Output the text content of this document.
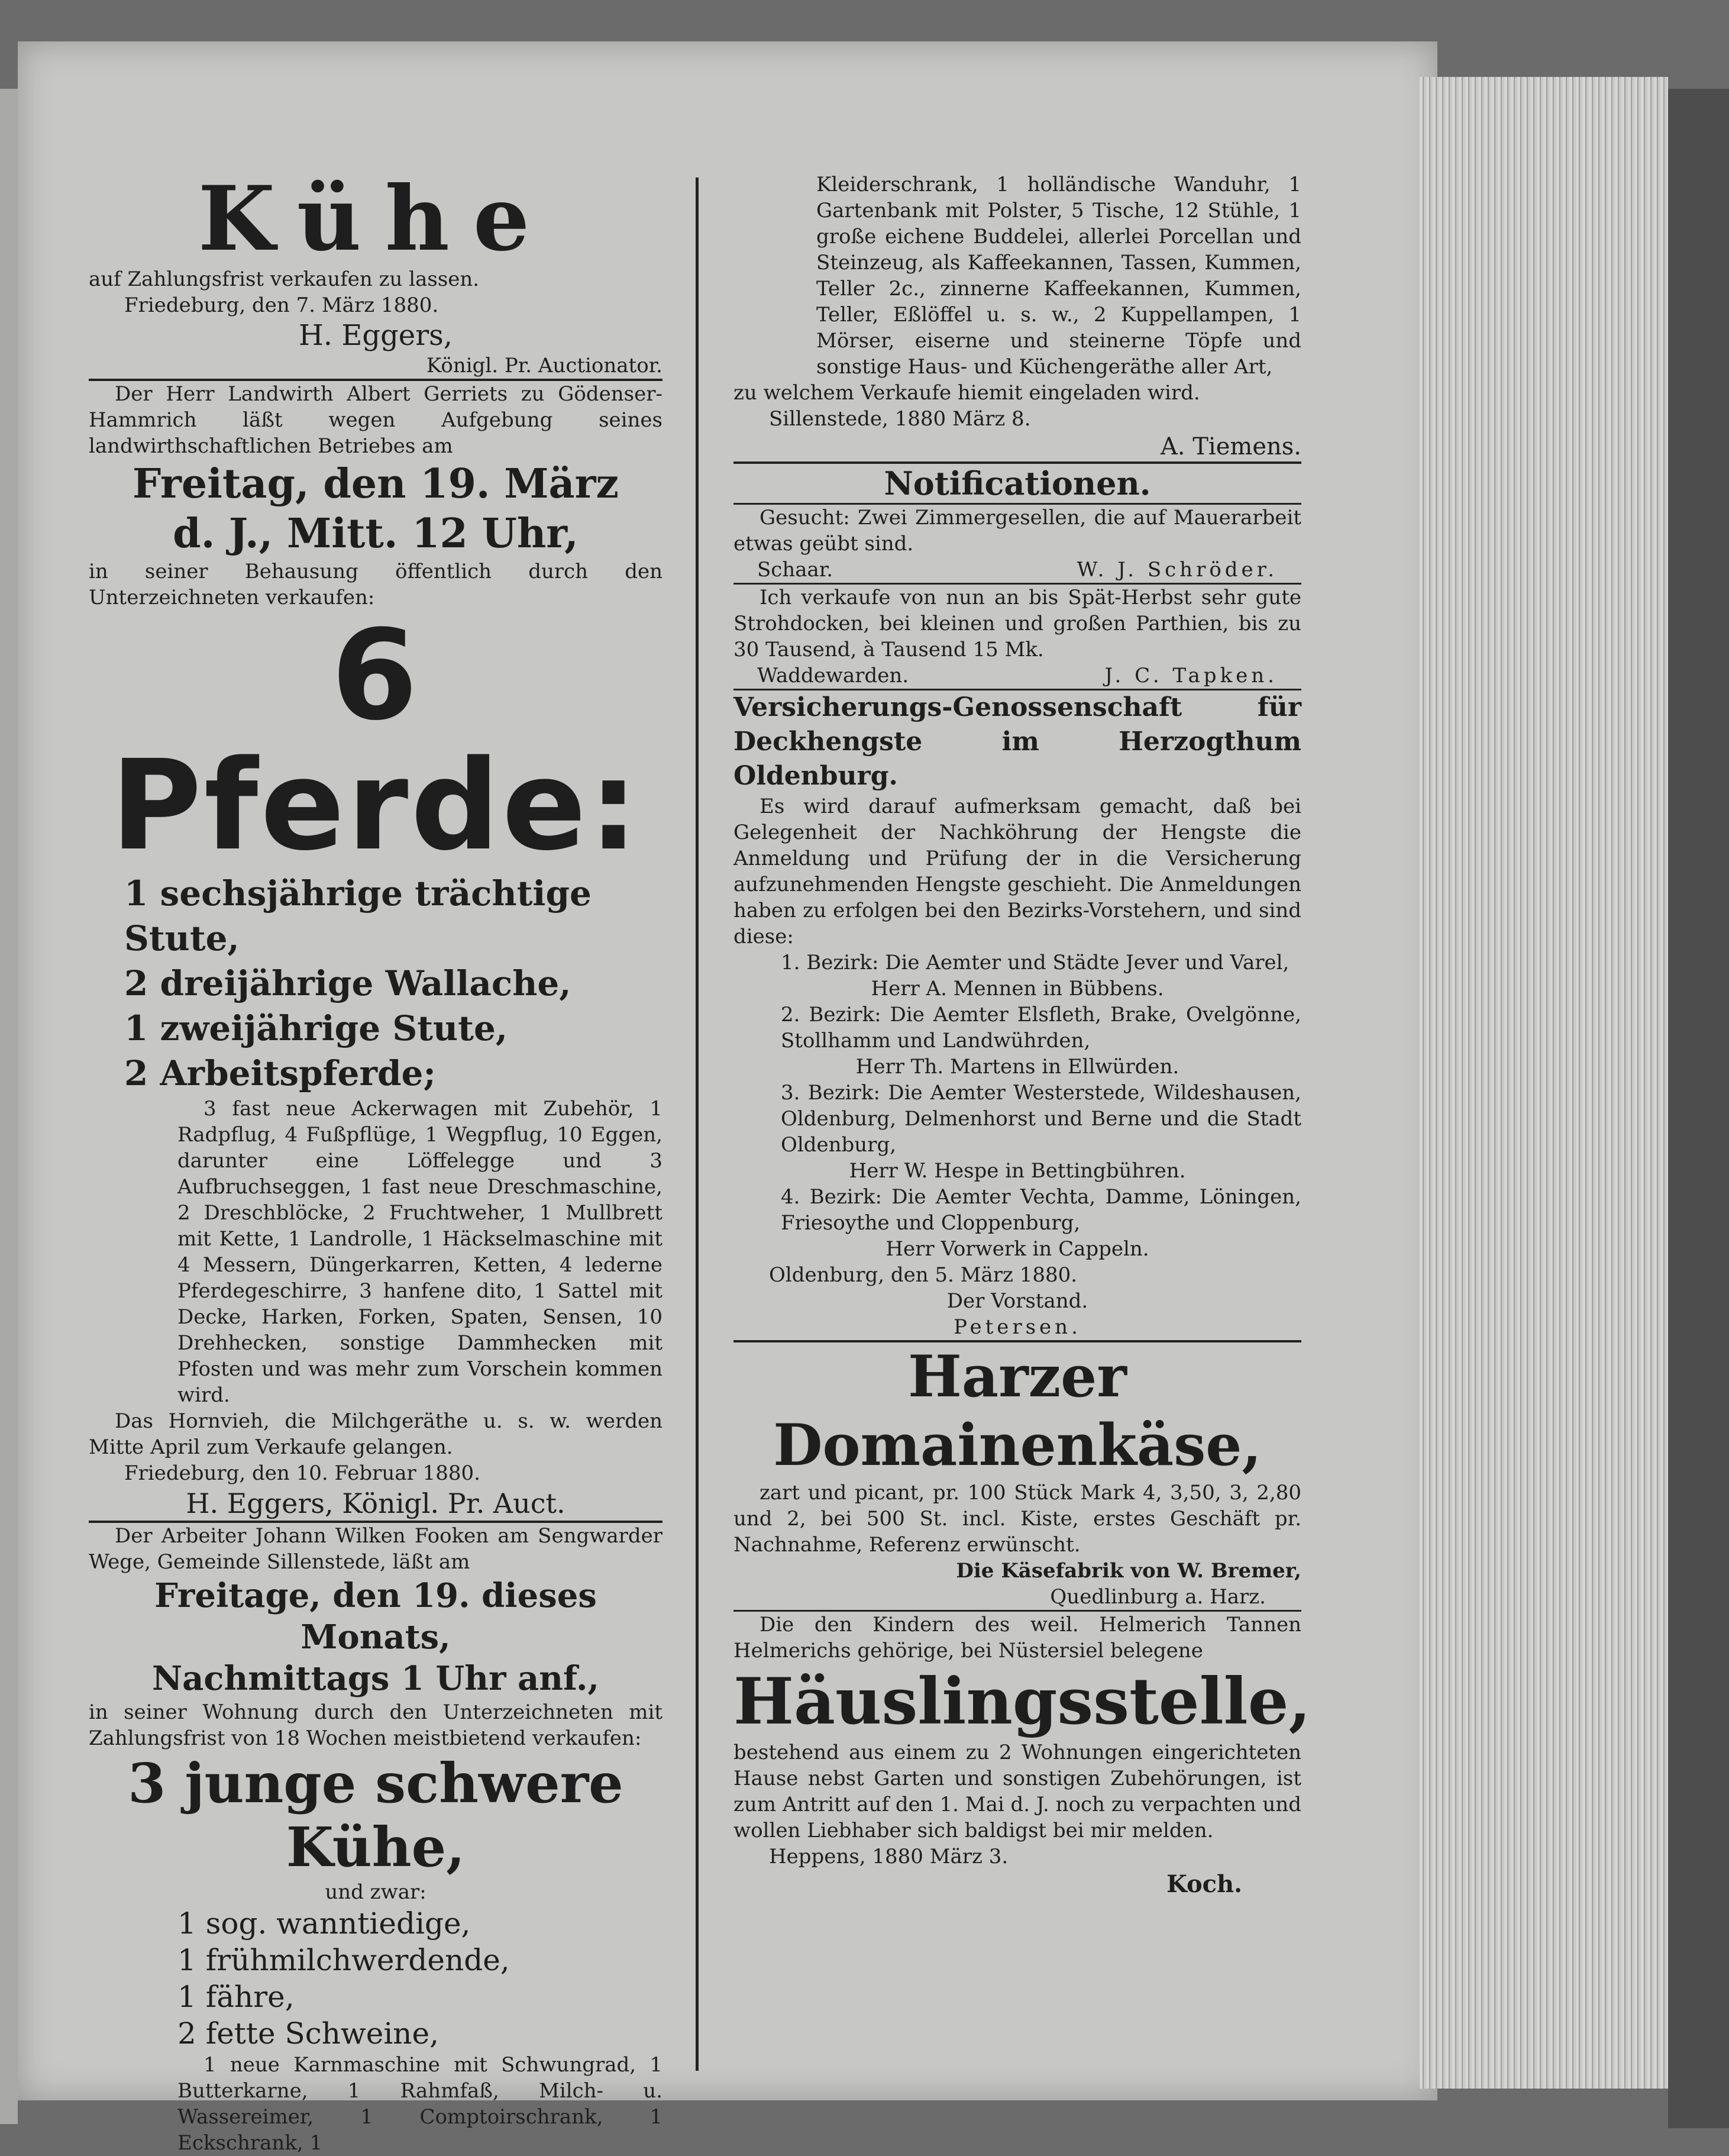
Kühe

auf Zahlungsfrist verkaufen zu lassen.

Friedeburg, den 7. März 1880.

H. Eggers,

Königl. Pr. Auctionator.

Der Herr Landwirth Albert Gerriets zu Gödenser-Hammrich läßt wegen Aufgebung seines landwirthschaftlichen Betriebes am

Freitag, den 19. März
d. J., Mitt. 12 Uhr,

in seiner Behausung öffentlich durch den Unterzeichneten verkaufen:

6 Pferde:
1 sechsjährige trächtige Stute,
2 dreijährige Wallache,
1 zweijährige Stute,
2 Arbeitspferde;

3 fast neue Ackerwagen mit Zubehör, 1 Radpflug, 4 Fußpflüge, 1 Wegpflug, 10 Eggen, darunter eine Löffelegge und 3 Aufbruchseggen, 1 fast neue Dreschmaschine, 2 Dreschblöcke, 2 Fruchtweher, 1 Mullbrett mit Kette, 1 Landrolle, 1 Häckselmaschine mit 4 Messern, Düngerkarren, Ketten, 4 lederne Pferdegeschirre, 3 hanfene dito, 1 Sattel mit Decke, Harken, Forken, Spaten, Sensen, 10 Drehhecken, sonstige Dammhecken mit Pfosten und was mehr zum Vorschein kommen wird.

Das Hornvieh, die Milchgeräthe u. s. w. werden Mitte April zum Verkaufe gelangen.

Friedeburg, den 10. Februar 1880.

H. Eggers, Königl. Pr. Auct.

Der Arbeiter Johann Wilken Fooken am Sengwarder Wege, Gemeinde Sillenstede, läßt am

Freitage, den 19. dieses Monats,
Nachmittags 1 Uhr anf.,

in seiner Wohnung durch den Unterzeichneten mit Zahlungsfrist von 18 Wochen meistbietend verkaufen:

3 junge schwere Kühe,

und zwar:

1 sog. wanntiedige,
1 frühmilchwerdende,
1 fähre,
2 fette Schweine,

1 neue Karnmaschine mit Schwungrad, 1 Butterkarne, 1 Rahmfaß, Milch- u. Wassereimer, 1 Comptoirschrank, 1 Eckschrank, 1

Kleiderschrank, 1 holländische Wanduhr, 1 Gartenbank mit Polster, 5 Tische, 12 Stühle, 1 große eichene Buddelei, allerlei Porcellan und Steinzeug, als Kaffeekannen, Tassen, Kummen, Teller 2c., zinnerne Kaffeekannen, Kummen, Teller, Eßlöffel u. s. w., 2 Kuppellampen, 1 Mörser, eiserne und steinerne Töpfe und sonstige Haus- und Küchengeräthe aller Art,

zu welchem Verkaufe hiemit eingeladen wird.

Sillenstede, 1880 März 8.

A. Tiemens.

Notificationen.

Gesucht: Zwei Zimmergesellen, die auf Mauerarbeit etwas geübt sind.

Schaar.	W. J. Schröder.

Ich verkaufe von nun an bis Spät-Herbst sehr gute Strohdocken, bei kleinen und großen Parthien, bis zu 30 Tausend, à Tausend 15 Mk.

Waddewarden.	J. C. Tapken.
Versicherungs-Genossenschaft für Deckhengste im Herzogthum Oldenburg.

Es wird darauf aufmerksam gemacht, daß bei Gelegenheit der Nachköhrung der Hengste die Anmeldung und Prüfung der in die Versicherung aufzunehmenden Hengste geschieht. Die Anmeldungen haben zu erfolgen bei den Bezirks-Vorstehern, und sind diese:

1. Bezirk: Die Aemter und Städte Jever und Varel,

Herr A. Mennen in Bübbens.

2. Bezirk: Die Aemter Elsfleth, Brake, Ovelgönne, Stollhamm und Landwührden,

Herr Th. Martens in Ellwürden.

3. Bezirk: Die Aemter Westerstede, Wildeshausen, Oldenburg, Delmenhorst und Berne und die Stadt Oldenburg,

Herr W. Hespe in Bettingbühren.

4. Bezirk: Die Aemter Vechta, Damme, Löningen, Friesoythe und Cloppenburg,

Herr Vorwerk in Cappeln.

Oldenburg, den 5. März 1880.

Der Vorstand.

Petersen.

Harzer Domainenkäse,

zart und picant, pr. 100 Stück Mark 4, 3,50, 3, 2,80 und 2, bei 500 St. incl. Kiste, erstes Geschäft pr. Nachnahme, Referenz erwünscht.

Die Käsefabrik von W. Bremer,

Quedlinburg a. Harz.

Die den Kindern des weil. Helmerich Tannen Helmerichs gehörige, bei Nüstersiel belegene

Häuslingsstelle,

bestehend aus einem zu 2 Wohnungen eingerichteten Hause nebst Garten und sonstigen Zubehörungen, ist zum Antritt auf den 1. Mai d. J. noch zu verpachten und wollen Liebhaber sich baldigst bei mir melden.

Heppens, 1880 März 3.

Koch.
